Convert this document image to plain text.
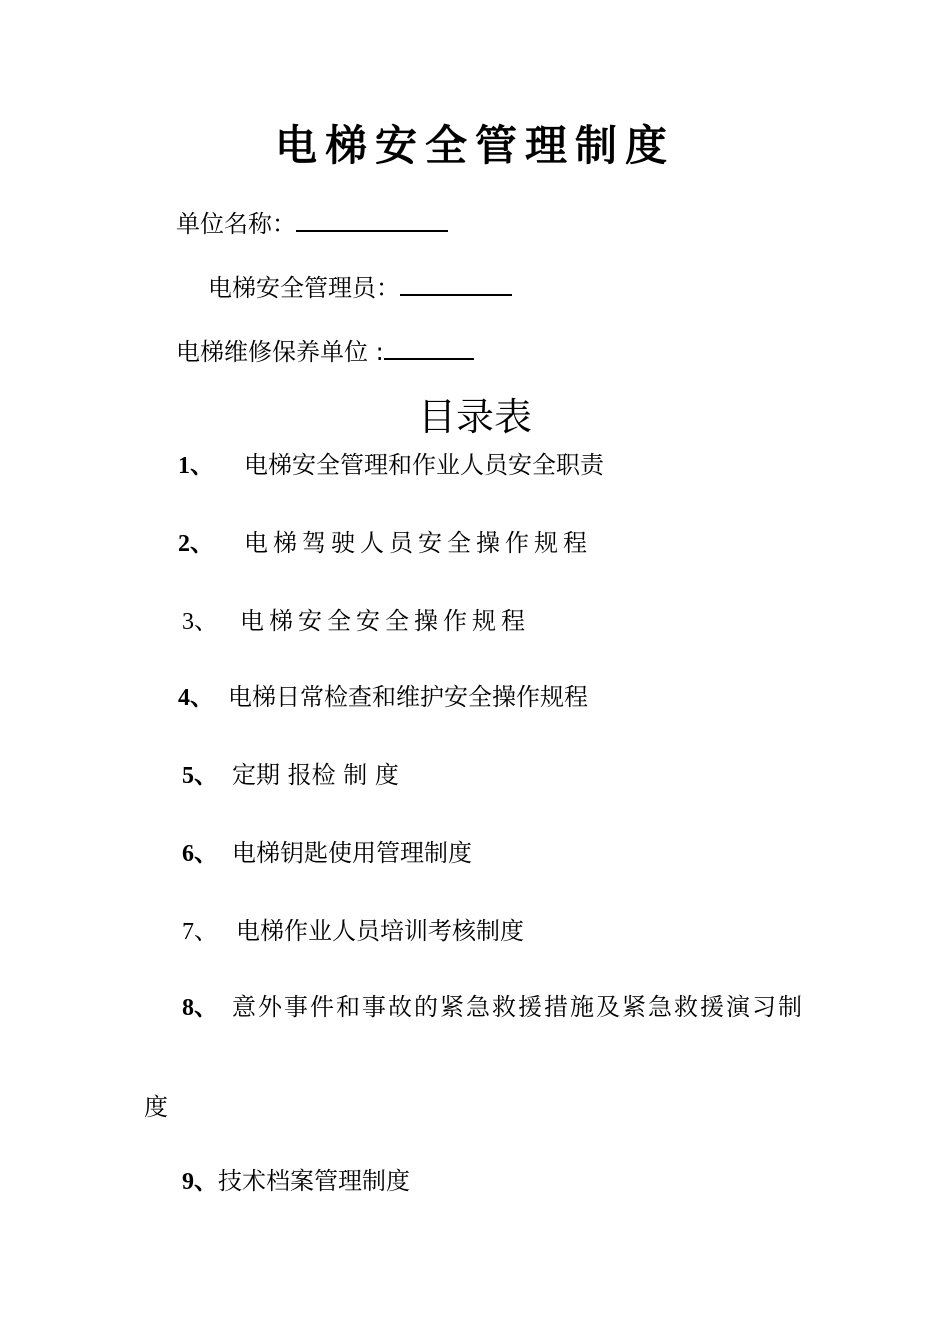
电梯安全管理制度
单位名称：
电梯安全管理员：
电梯维修保养单位 :
目录表
1、 电梯安全管理和作业人员安全职责
2、 电梯驾驶人员安全操作规程
3、 电梯安全安全操作规程
4、 电梯日常检查和维护安全操作规程
5、 定期 报检 制 度
6、 电梯钥匙使用管理制度
7、 电梯作业人员培训考核制度
8、 意外事件和事故的紧急救援措施及紧急救援演习制
度
9、技术档案管理制度
